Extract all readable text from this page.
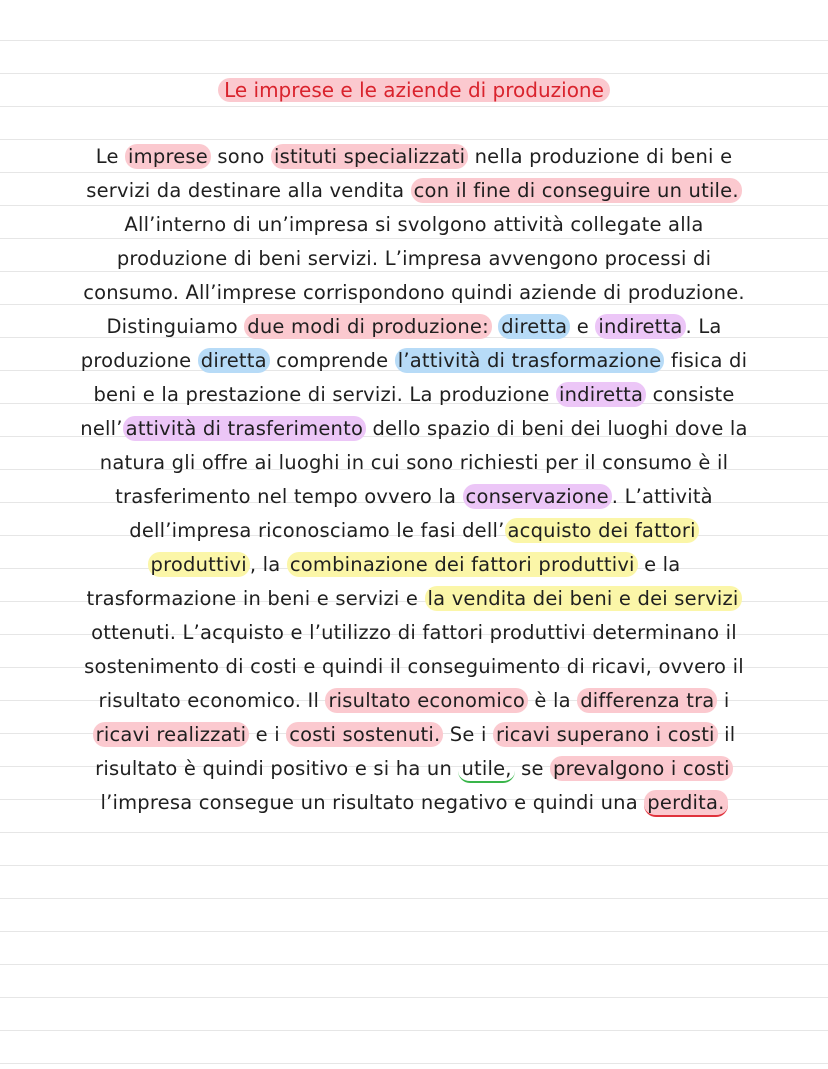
Le imprese e le aziende di produzione
Le imprese sono istituti specializzati nella produzione di beni e
servizi da destinare alla vendita con il fine di conseguire un utile.
All’interno di un’impresa si svolgono attività collegate alla
produzione di beni servizi. L’impresa avvengono processi di
consumo. All’imprese corrispondono quindi aziende di produzione.
Distinguiamo due modi di produzione: diretta e indiretta . La
produzione diretta comprende l’attività di trasformazione fisica di
beni e la prestazione di servizi. La produzione indiretta consiste
nell’ attività di trasferimento dello spazio di beni dei luoghi dove la
natura gli offre ai luoghi in cui sono richiesti per il consumo è il
trasferimento nel tempo ovvero la conservazione . L’attività
dell’impresa riconosciamo le fasi dell’ acquisto dei fattori
produttivi , la combinazione dei fattori produttivi e la
trasformazione in beni e servizi e la vendita dei beni e dei servizi
ottenuti. L’acquisto e l’utilizzo di fattori produttivi determinano il
sostenimento di costi e quindi il conseguimento di ricavi, ovvero il
risultato economico. Il risultato economico è la differenza tra i
ricavi realizzati e i costi sostenuti. Se i ricavi superano i costi il
risultato è quindi positivo e si ha un utile, se prevalgono i costi
l’impresa consegue un risultato negativo e quindi una perdita.
